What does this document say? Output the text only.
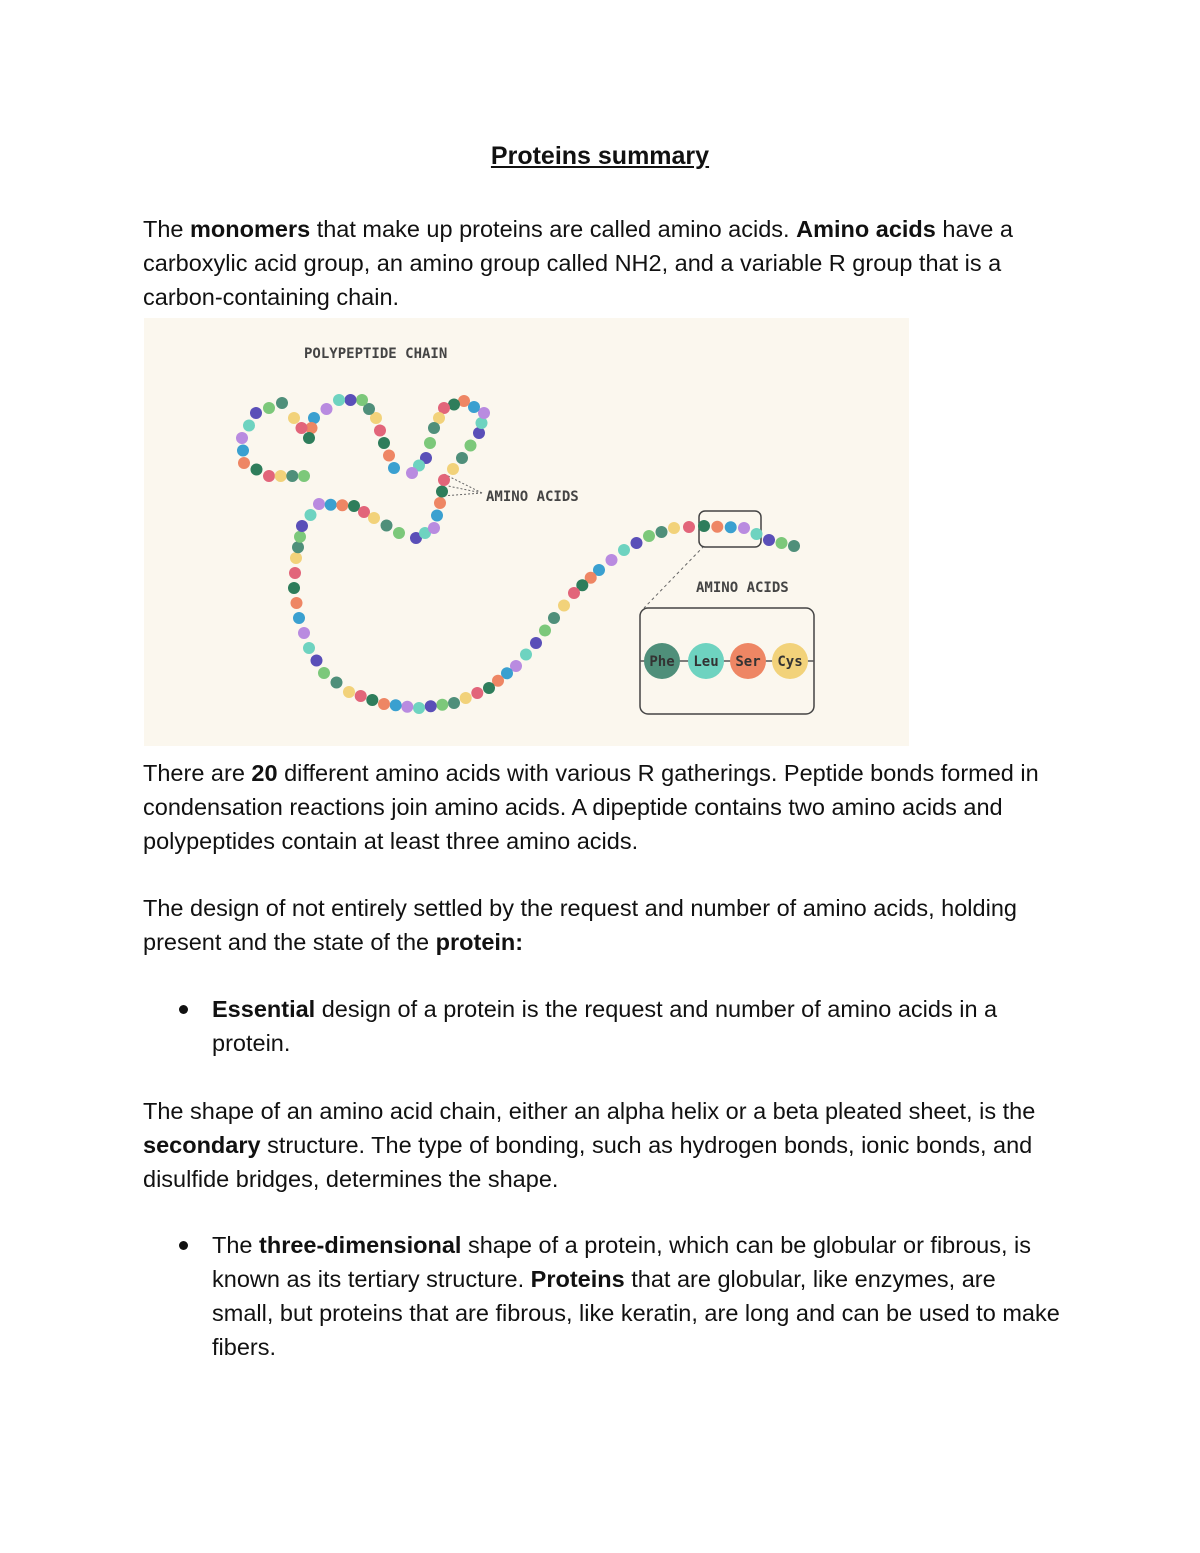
Proteins summary

The monomers that make up proteins are called amino acids. Amino acids have a carboxylic acid group, an amino group called NH2, and a variable R group that is a carbon-containing chain.

POLYPEPTIDE CHAIN
AMINO ACIDS
AMINO ACIDS
Phe Leu Ser Cys

There are 20 different amino acids with various R gatherings. Peptide bonds formed in condensation reactions join amino acids. A dipeptide contains two amino acids and polypeptides contain at least three amino acids.

The design of not entirely settled by the request and number of amino acids, holding present and the state of the protein:

Essential design of a protein is the request and number of amino acids in a protein.

The shape of an amino acid chain, either an alpha helix or a beta pleated sheet, is the secondary structure. The type of bonding, such as hydrogen bonds, ionic bonds, and disulfide bridges, determines the shape.

The three-dimensional shape of a protein, which can be globular or fibrous, is known as its tertiary structure. Proteins that are globular, like enzymes, are small, but proteins that are fibrous, like keratin, are long and can be used to make fibers.
